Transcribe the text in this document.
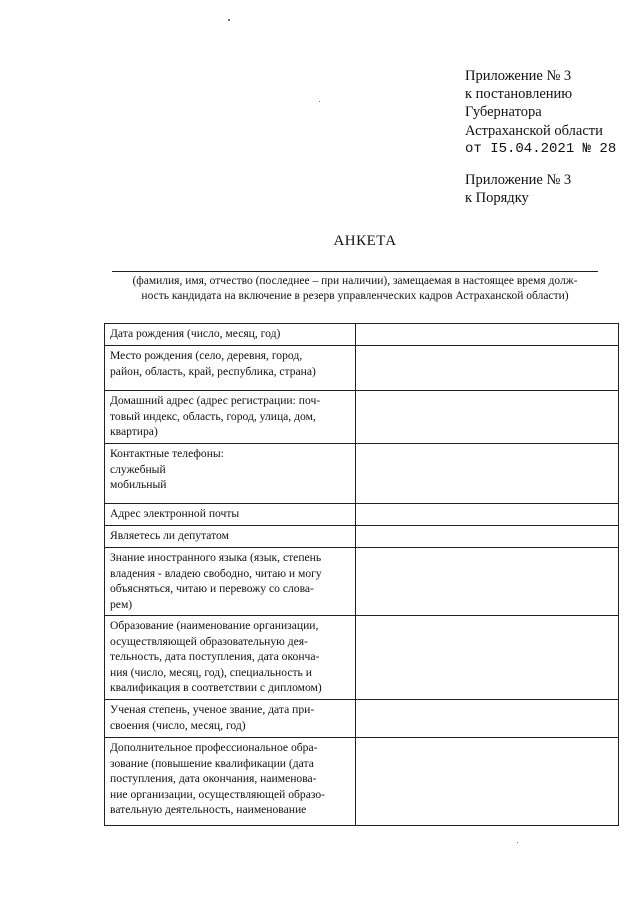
Приложение № 3
к постановлению
Губернатора
Астраханской области
от I5.04.2021 № 28
Приложение № 3
к Порядку
АНКЕТА
(фамилия, имя, отчество (последнее – при наличии), замещаемая в настоящее время долж-
ность кандидата на включение в резерв управленческих кадров Астраханской области)
Дата рождения (число, месяц, год)	

Место рождения (село, деревня, город,
район, область, край, республика, страна)	

Домашний адрес (адрес регистрации: поч-
товый индекс, область, город, улица, дом,
квартира)	

Контактные телефоны:
служебный
мобильный	

Адрес электронной почты	

Являетесь ли депутатом	

Знание иностранного языка (язык, степень
владения - владею свободно, читаю и могу
объясняться, читаю и перевожу со слова-
рем)	

Образование (наименование организации,
осуществляющей образовательную дея-
тельность, дата поступления, дата оконча-
ния (число, месяц, год), специальность и
квалификация в соответствии с дипломом)	

Ученая степень, ученое звание, дата при-
своения (число, месяц, год)	

Дополнительное профессиональное обра-
зование (повышение квалификации (дата
поступления, дата окончания, наименова-
ние организации, осуществляющей образо-
вательную деятельность, наименование	
